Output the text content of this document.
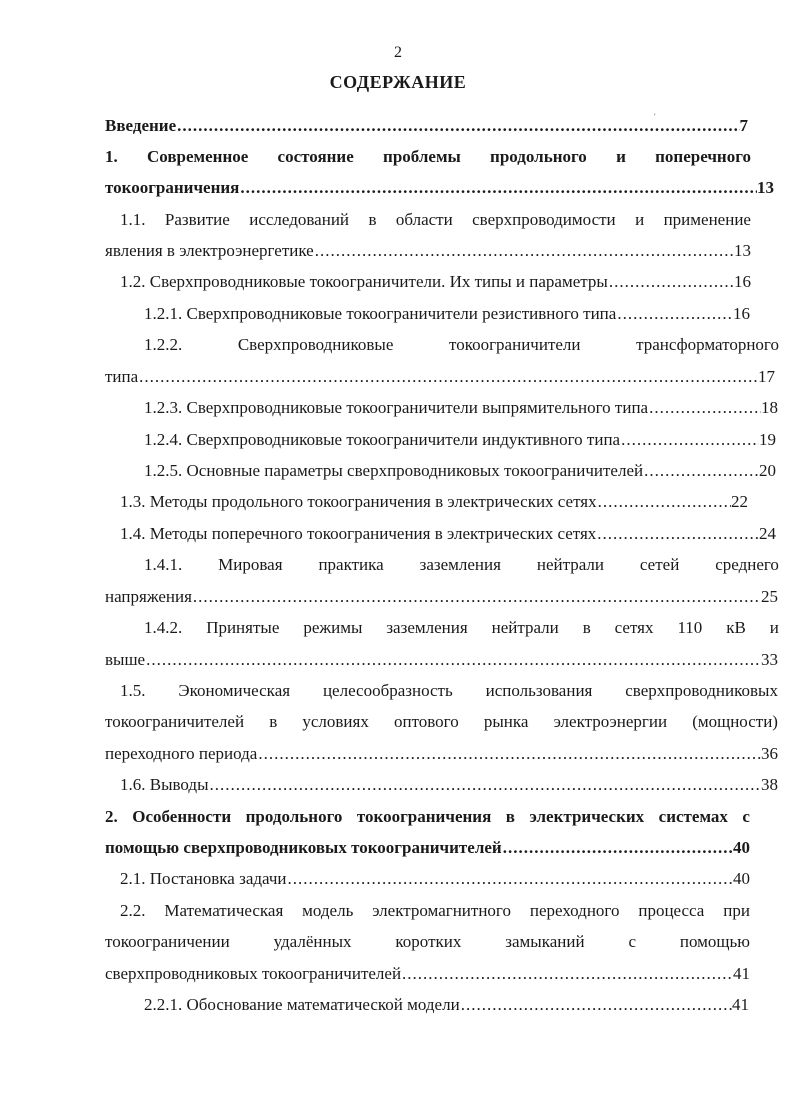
2
СОДЕРЖАНИЕ
'
Введение .....	7
1. Современное состояние проблемы продольного и поперечного
токоограничения .....	13
1.1. Развитие исследований в области сверхпроводимости и применение
явления в электроэнергетике .....	13
1.2. Сверхпроводниковые токоограничители. Их типы и параметры .....	16
1.2.1. Сверхпроводниковые токоограничители резистивного типа .....	16
1.2.2.	Сверхпроводниковые	токоограничители	трансформаторного
типа .....	17
1.2.3. Сверхпроводниковые токоограничители выпрямительного типа .....	18
1.2.4. Сверхпроводниковые токоограничители индуктивного типа .....	19
1.2.5. Основные параметры сверхпроводниковых токоограничителей .....	20
1.3. Методы продольного токоограничения в электрических сетях .....	22
1.4. Методы поперечного токоограничения в электрических сетях .....	24
1.4.1. Мировая практика заземления нейтрали сетей среднего
напряжения .....	25
1.4.2. Принятые режимы заземления нейтрали в сетях 110 кВ и
выше .....	33
1.5. Экономическая целесообразность использования сверхпроводниковых
токоограничителей в условиях оптового рынка электроэнергии (мощности)
переходного периода .....	36
1.6. Выводы .....	38
2. Особенности продольного токоограничения в электрических системах с
помощью сверхпроводниковых токоограничителей .....	40
2.1. Постановка задачи .....	40
2.2. Математическая модель электромагнитного переходного процесса при
токоограничении	удалённых	коротких	замыканий	с	помощью
сверхпроводниковых токоограничителей .....	41
2.2.1. Обоснование математической модели .....	41
